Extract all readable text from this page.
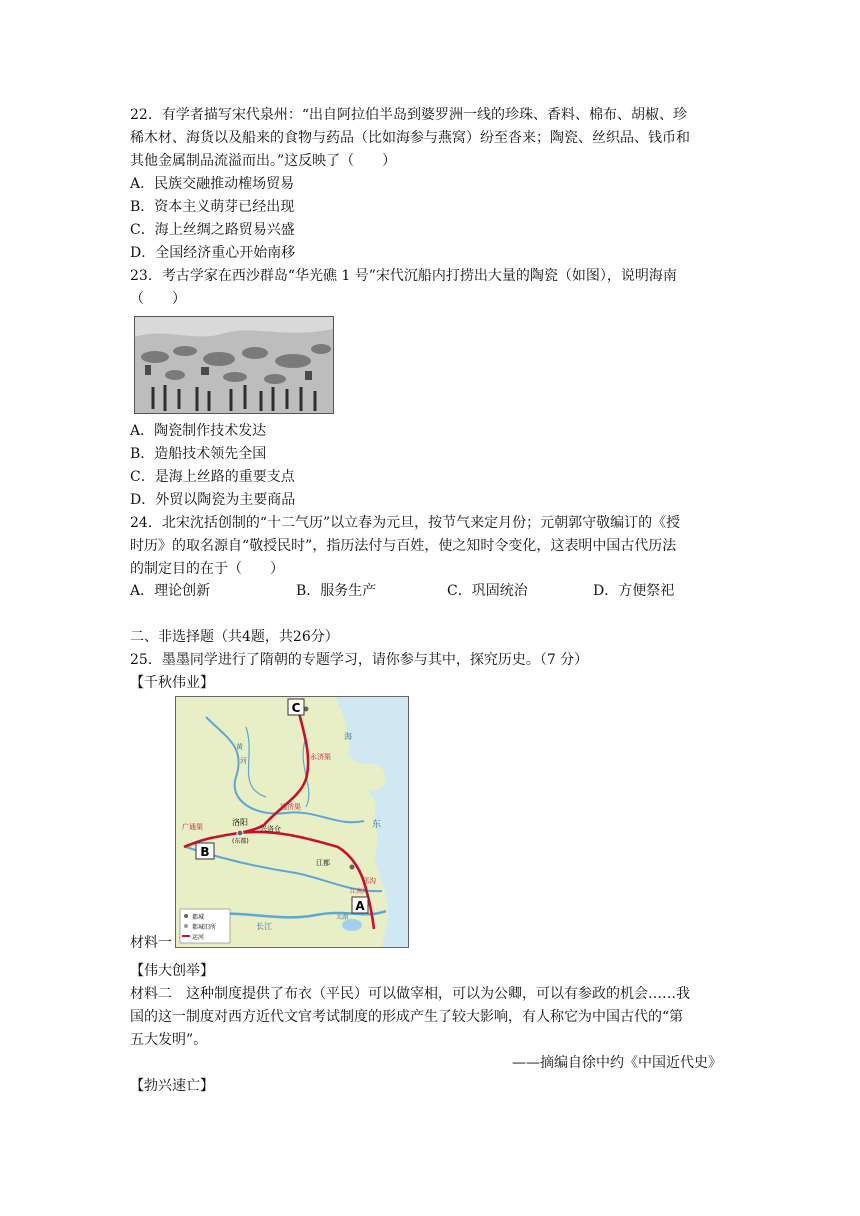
22．有学者描写宋代泉州：“出自阿拉伯半岛到婆罗洲一线的珍珠、香料、棉布、胡椒、珍
稀木材、海货以及船来的食物与药品（比如海参与燕窝）纷至沓来；陶瓷、丝织品、钱币和
其他金属制品流溢而出。”这反映了（　　）
A．民族交融推动榷场贸易
B．资本主义萌芽已经出现
C．海上丝绸之路贸易兴盛
D．全国经济重心开始南移
23．考古学家在西沙群岛“华光礁 1 号”宋代沉船内打捞出大量的陶瓷（如图），说明海南
（　　）
A．陶瓷制作技术发达
B．造船技术领先全国
C．是海上丝路的重要支点
D．外贸以陶瓷为主要商品
24．北宋沈括创制的“十二气历”以立春为元旦，按节气来定月份；元朝郭守敬编订的《授
时历》的取名源自“敬授民时”，指历法付与百姓，使之知时令变化，这表明中国古代历法
的制定目的在于（　　）
A．理论创新	B．服务生产	C．巩固统治	D．方便祭祀
二、非选择题（共4题，共26分）
25．墨墨同学进行了隋朝的专题学习，请你参与其中，探究历史。（7 分）
【千秋伟业】
C
B
A
洛阳
(东都)
兴洛仓
江都
黄
河
海
东
永济渠
通济渠
邗沟
江南河
广通渠
长江
太湖
都城
都城旧所
运河
材料一
【伟大创举】
材料二　这种制度提供了布衣（平民）可以做宰相，可以为公卿，可以有参政的机会……我
国的这一制度对西方近代文官考试制度的形成产生了较大影响，有人称它为中国古代的“第
五大发明”。
——摘编自徐中约《中国近代史》
【勃兴速亡】
